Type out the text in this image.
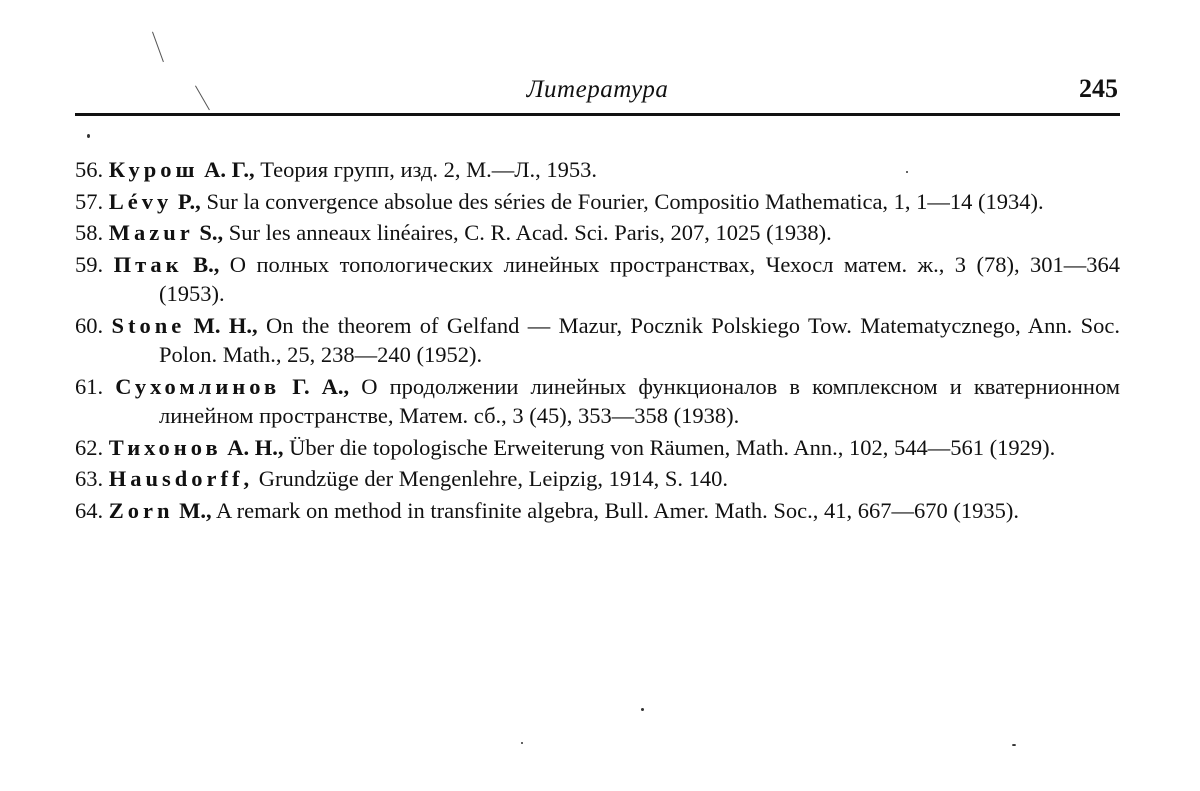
Литература	245
56. Курош А. Г., Теория групп, изд. 2, М.—Л., 1953.
57. Lévy P., Sur la convergence absolue des séries de Fourier, Compositio Mathematica, 1, 1—14 (1934).
58. Mazur S., Sur les anneaux linéaires, C. R. Acad. Sci. Paris, 207, 1025 (1938).
59. Птак В., О полных топологических линейных пространствах, Чехосл матем. ж., 3 (78), 301—364 (1953).
60. Stone M. H., On the theorem of Gelfand — Mazur, Pocznik Polskiego Tow. Matematycznego, Ann. Soc. Polon. Math., 25, 238—240 (1952).
61. Сухомлинов Г. А., О продолжении линейных функционалов в комплексном и кватернионном линейном пространстве, Матем. сб., 3 (45), 353—358 (1938).
62. Тихонов А. Н., Über die topologische Erweiterung von Räumen, Math. Ann., 102, 544—561 (1929).
63. Hausdorff, Grundzüge der Mengenlehre, Leipzig, 1914, S. 140.
64. Zorn M., A remark on method in transfinite algebra, Bull. Amer. Math. Soc., 41, 667—670 (1935).
